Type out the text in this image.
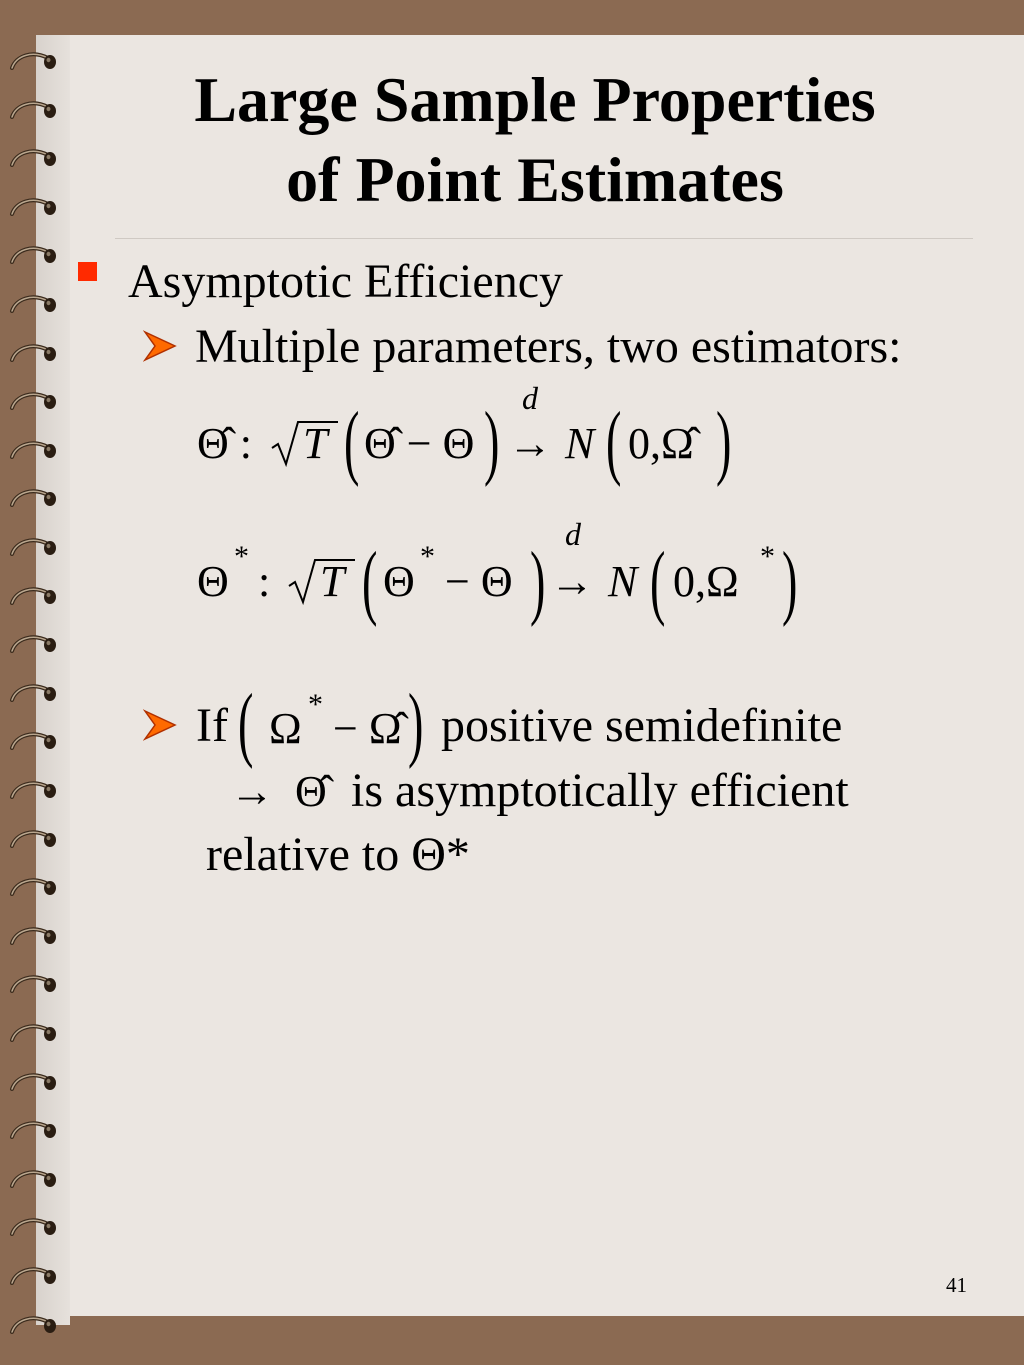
Large Sample Properties
of Point Estimates
Asymptotic Efficiency
Multiple parameters, two estimators:
Θ̂ : T ( Θ̂ − Θ ) d
→ N ( 0,Ω̂ )
Θ
*
: T ( Θ
*
− Θ )
d
→ N ( 0,Ω
* )
If ( Ω * − Ω̂ ) positive semidefinite
→ Θ̂ is asymptotically efficient
relative to Θ*
41
